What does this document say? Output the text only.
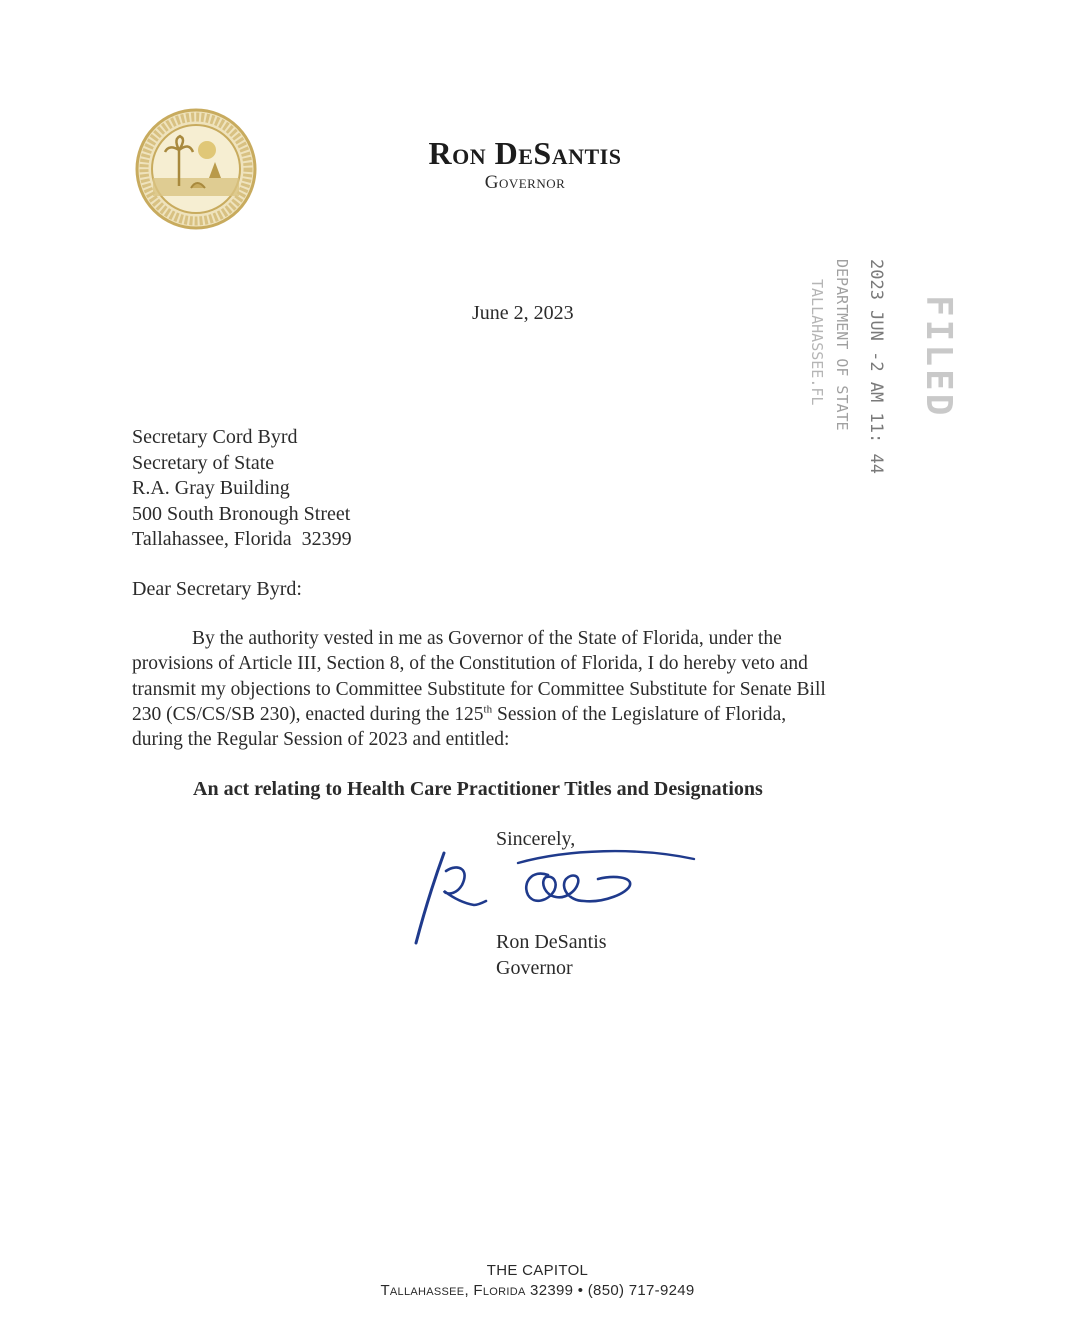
Ron DeSantis
Governor
June 2, 2023	FILED
2023 JUN -2 AM 11: 44
DEPARTMENT OF STATE
TALLAHASSEE.FL
Secretary Cord Byrd
Secretary of State
R.A. Gray Building
500 South Bronough Street
Tallahassee, Florida  32399
Dear Secretary Byrd:
By the authority vested in me as Governor of the State of Florida, under the
provisions of Article III, Section 8, of the Constitution of Florida, I do hereby veto and
transmit my objections to Committee Substitute for Committee Substitute for Senate Bill
230 (CS/CS/SB 230), enacted during the 125th Session of the Legislature of Florida,
during the Regular Session of 2023 and entitled:
An act relating to Health Care Practitioner Titles and Designations
Sincerely,
Ron DeSantis
Governor
THE CAPITOL
Tallahassee, Florida 32399 • (850) 717-9249
